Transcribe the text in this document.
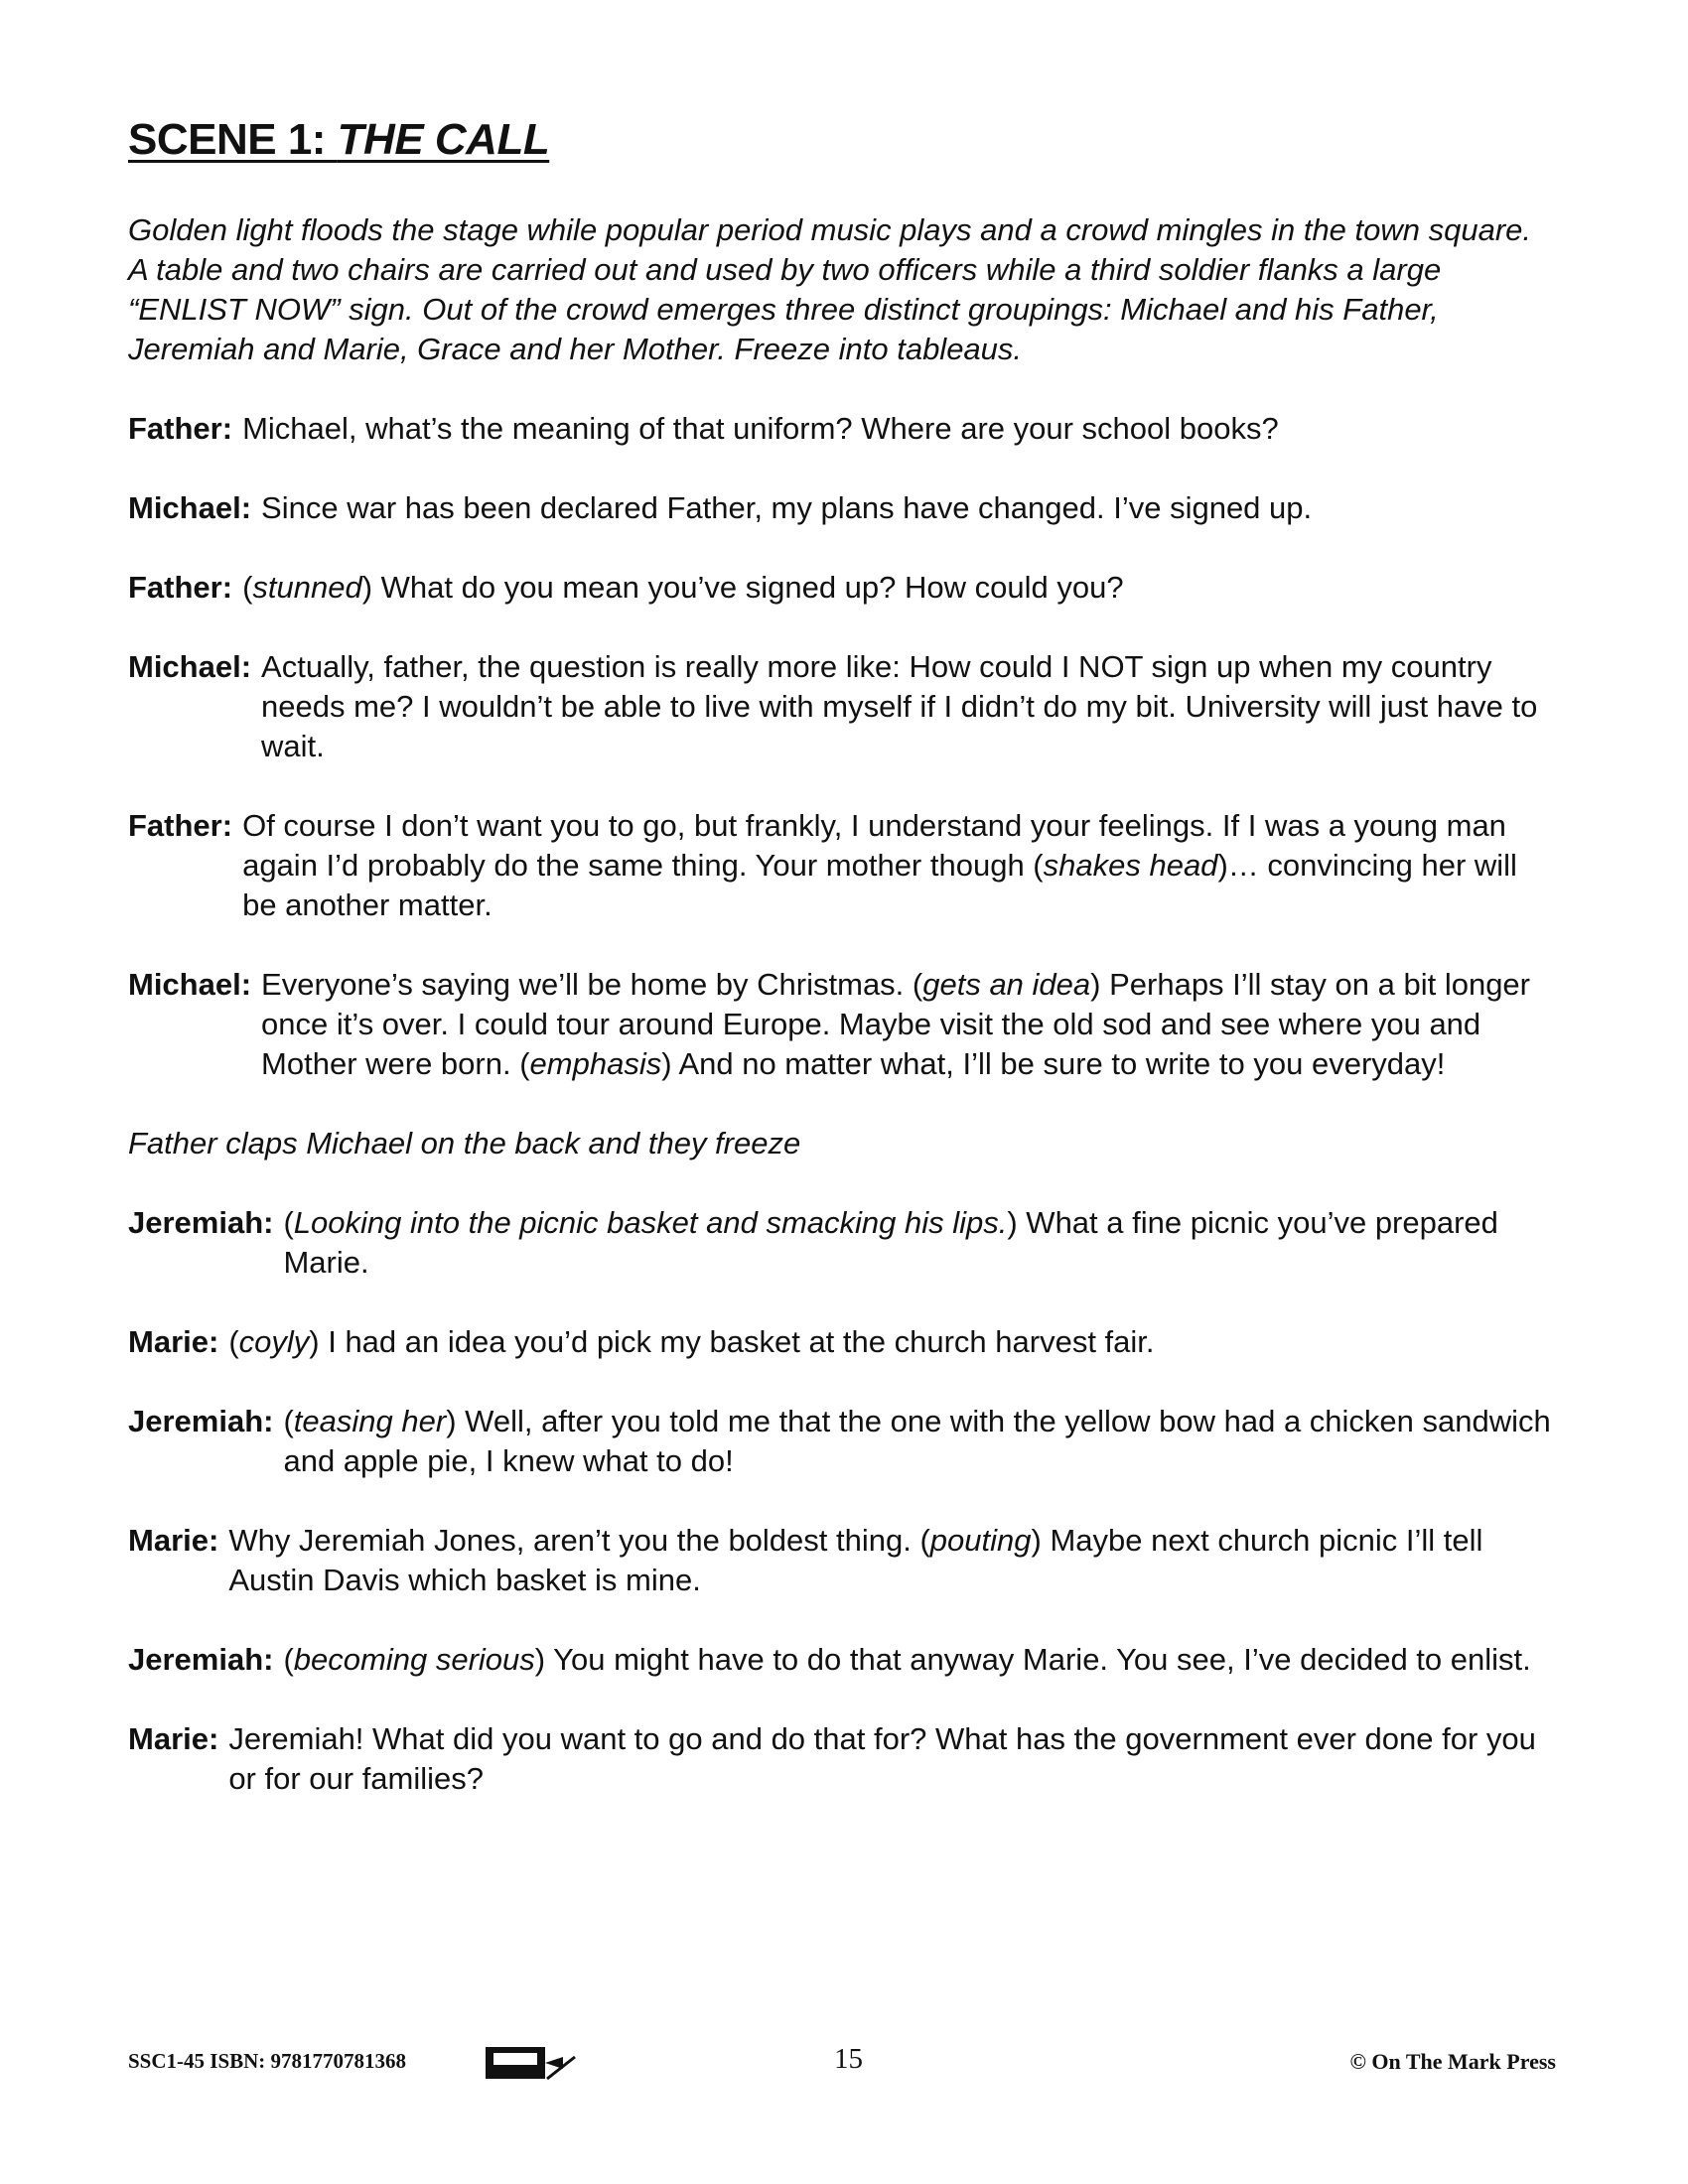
SCENE 1: THE CALL

Golden light floods the stage while popular period music plays and a crowd mingles in the town square. A table and two chairs are carried out and used by two officers while a third soldier flanks a large “ENLIST NOW” sign. Out of the crowd emerges three distinct groupings: Michael and his Father, Jeremiah and Marie, Grace and her Mother. Freeze into tableaus.

Father: Michael, what’s the meaning of that uniform? Where are your school books?
Michael: Since war has been declared Father, my plans have changed. I’ve signed up.
Father: (stunned) What do you mean you’ve signed up? How could you?
Michael: Actually, father, the question is really more like: How could I NOT sign up when my country needs me? I wouldn’t be able to live with myself if I didn’t do my bit. University will just have to wait.
Father: Of course I don’t want you to go, but frankly, I understand your feelings. If I was a young man again I’d probably do the same thing. Your mother though (shakes head)… convincing her will be another matter.
Michael: Everyone’s saying we’ll be home by Christmas. (gets an idea) Perhaps I’ll stay on a bit longer once it’s over. I could tour around Europe. Maybe visit the old sod and see where you and Mother were born. (emphasis) And no matter what, I’ll be sure to write to you everyday!

Father claps Michael on the back and they freeze

Jeremiah: (Looking into the picnic basket and smacking his lips.) What a fine picnic you’ve prepared Marie.
Marie: (coyly) I had an idea you’d pick my basket at the church harvest fair.
Jeremiah: (teasing her) Well, after you told me that the one with the yellow bow had a chicken sandwich and apple pie, I knew what to do!
Marie: Why Jeremiah Jones, aren’t you the boldest thing. (pouting) Maybe next church picnic I’ll tell Austin Davis which basket is mine.
Jeremiah: (becoming serious) You might have to do that anyway Marie. You see, I’ve decided to enlist.
Marie: Jeremiah! What did you want to go and do that for? What has the government ever done for you or for our families?
SSC1-45 ISBN: 9781770781368	15	© On The Mark Press
